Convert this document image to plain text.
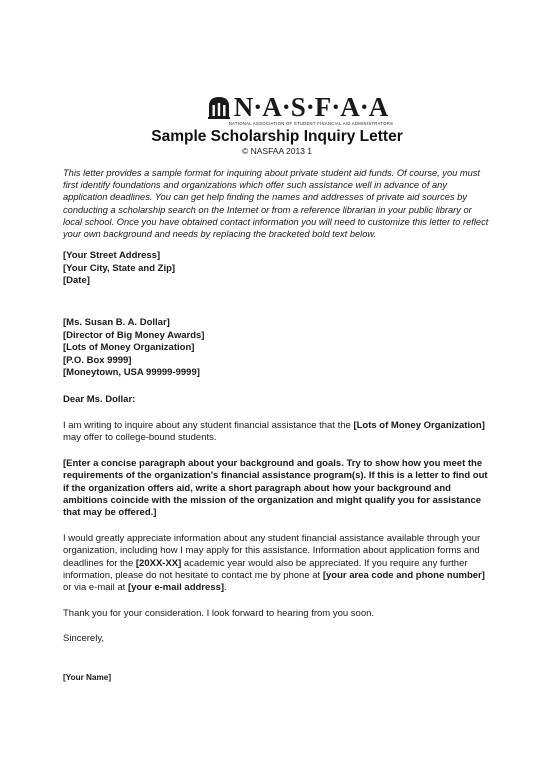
N·A·S·F·A·A
NATIONAL ASSOCIATION OF STUDENT FINANCIAL AID ADMINISTRATORS
Sample Scholarship Inquiry Letter
© NASFAA 2013 1
This letter provides a sample format for inquiring about private student aid funds. Of course, you must first identify foundations and organizations which offer such assistance well in advance of any application deadlines. You can get help finding the names and addresses of private aid sources by conducting a scholarship search on the Internet or from a reference librarian in your public library or local school. Once you have obtained contact information you will need to customize this letter to reflect your own background and needs by replacing the bracketed bold text below.
[Your Street Address]
[Your City, State and Zip]
[Date]
[Ms. Susan B. A. Dollar]
[Director of Big Money Awards]
[Lots of Money Organization]
[P.O. Box 9999]
[Moneytown, USA 99999-9999]
Dear Ms. Dollar:
I am writing to inquire about any student financial assistance that the [Lots of Money Organization] may offer to college-bound students.
[Enter a concise paragraph about your background and goals. Try to show how you meet the requirements of the organization's financial assistance program(s). If this is a letter to find out if the organization offers aid, write a short paragraph about how your background and ambitions coincide with the mission of the organization and might qualify you for assistance that may be offered.]
I would greatly appreciate information about any student financial assistance available through your organization, including how I may apply for this assistance. Information about application forms and deadlines for the [20XX-XX] academic year would also be appreciated. If you require any further information, please do not hesitate to contact me by phone at [your area code and phone number] or via e-mail at [your e-mail address].
Thank you for your consideration. I look forward to hearing from you soon.
Sincerely,
[Your Name]
